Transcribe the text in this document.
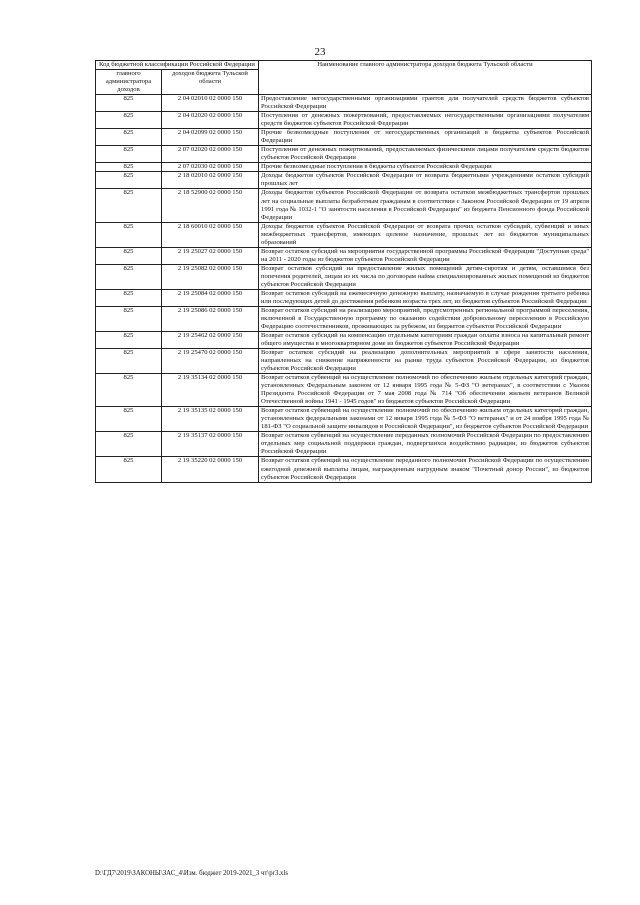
23
Код бюджетной классификации Российской Федерации		Наименование главного администратора доходов бюджета Тульской области
главного администратора доходов	доходов бюджета Тульской области	
825	2 04 02010 02 0000 150	Предоставление негосударственными организациями грантов для получателей средств бюджетов субъектов Российской Федерации
825	2 04 02020 02 0000 150	Поступления от денежных пожертвований, предоставляемых негосударственными организациями получателям средств бюджетов субъектов Российской Федерации
825	2 04 02099 02 0000 150	Прочие безвозмездные поступления от негосударственных организаций в бюджеты субъектов Российской Федерации
825	2 07 02020 02 0000 150	Поступления от денежных пожертвований, предоставляемых физическими лицами получателям средств бюджетов субъектов Российской Федерации
825	2 07 02030 02 0000 150	Прочие безвозмездные поступления в бюджеты субъектов Российской Федерации
825	2 18 02010 02 0000 150	Доходы бюджетов субъектов Российской Федерации от возврата бюджетными учреждениями остатков субсидий прошлых лет
825	2 18 52900 02 0000 150	Доходы бюджетов субъектов Российской Федерации от возврата остатков межбюджетных трансфертов прошлых лет на социальные выплаты безработным гражданам в соответствии с Законом Российской Федерации от 19 апреля 1991 года № 1032-1 "О занятости населения в Российской Федерации" из бюджета Пенсионного фонда Российской Федерации
825	2 18 60010 02 0000 150	Доходы бюджетов субъектов Российской Федерации от возврата прочих остатков субсидий, субвенций и иных межбюджетных трансфертов, имеющих целевое назначение, прошлых лет из бюджетов муниципальных образований
825	2 19 25027 02 0000 150	Возврат остатков субсидий на мероприятия государственной программы Российской Федерации "Доступная среда" на 2011 - 2020 годы из бюджетов субъектов Российской Федерации
825	2 19 25082 02 0000 150	Возврат остатков субсидий на предоставление жилых помещений детям-сиротам и детям, оставшимся без попечения родителей, лицам из их числа по договорам найма специализированных жилых помещений из бюджетов субъектов Российской Федерации
825	2 19 25084 02 0000 150	Возврат остатков субсидий на ежемесячную денежную выплату, назначаемую в случае рождения третьего ребенка или последующих детей до достижения ребенком возраста трех лет, из бюджетов субъектов Российской Федерации
825	2 19 25086 02 0000 150	Возврат остатков субсидий на реализацию мероприятий, предусмотренных региональной программой переселения, включенной в Государственную программу по оказанию содействия добровольному переселению в Российскую Федерацию соотечественников, проживающих за рубежом, из бюджетов субъектов Российской Федерации
825	2 19 25462 02 0000 150	Возврат остатков субсидий на компенсацию отдельным категориям граждан оплаты взноса на капитальный ремонт общего имущества в многоквартирном доме из бюджетов субъектов Российской Федерации
825	2 19 25470 02 0000 150	Возврат остатков субсидий на реализацию дополнительных мероприятий в сфере занятости населения, направленных на снижение напряженности на рынке труда субъектов Российской Федерации, из бюджетов субъектов Российской Федерации
825	2 19 35134 02 0000 150	Возврат остатков субвенций на осуществление полномочий по обеспечению жильем отдельных категорий граждан, установленных Федеральным законом от 12 января 1995 года № 5-ФЗ "О ветеранах", в соответствии с Указом Президента Российской Федерации от 7 мая 2008 года № 714 "Об обеспечении жильем ветеранов Великой Отечественной войны 1941 - 1945 годов" из бюджетов субъектов Российской Федерации
825	2 19 35135 02 0000 150	Возврат остатков субвенций на осуществление полномочий по обеспечению жильем отдельных категорий граждан, установленных федеральными законами от 12 января 1995 года № 5-ФЗ "О ветеранах" и от 24 ноября 1995 года № 181-ФЗ "О социальной защите инвалидов в Российской Федерации", из бюджетов субъектов Российской Федерации
825	2 19 35137 02 0000 150	Возврат остатков субвенций на осуществление переданных полномочий Российской Федерации по предоставлению отдельных мер социальной поддержки граждан, подвергшихся воздействию радиации, из бюджетов субъектов Российской Федерации
825	2 19 35220 02 0000 150	Возврат остатков субвенций на осуществление переданного полномочия Российской Федерации по осуществлению ежегодной денежной выплаты лицам, награжденным нагрудным знаком "Почетный донор России", из бюджетов субъектов Российской Федерации
D:\ГД7\2019\ЗАКОНЫ\ЗАС_4\Изм. бюджет 2019-2021_3 чт\pr3.xls
